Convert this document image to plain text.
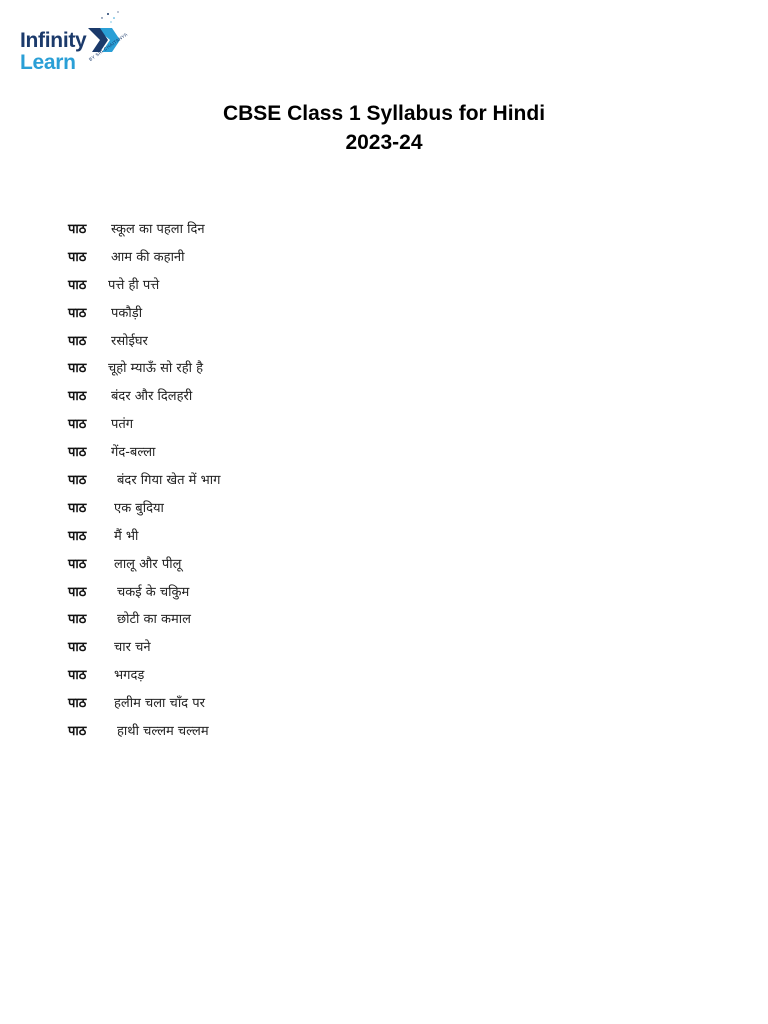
Infinity
Learn
BY SRI CHAITANYA
CBSE Class 1 Syllabus for Hindi
2023-24
पाठ	स्कूल का पहला दिन
पाठ	आम की कहानी
पाठ	पत्ते ही पत्ते
पाठ	पकौड़ी
पाठ	रसोईघर
पाठ	चूहो म्याऊँ सो रही है
पाठ	बंदर और दिलहरी
पाठ	पतंग
पाठ	गेंद-बल्ला
पाठ	बंदर गिया खेत में भाग
पाठ	एक बुदिया
पाठ	मैं भी
पाठ	लालू और पीलू
पाठ	चकई के चकिुम
पाठ	छोटी का कमाल
पाठ	चार चने
पाठ	भगदड़
पाठ	हलीम चला चाँद पर
पाठ	हाथी चल्लम चल्लम
